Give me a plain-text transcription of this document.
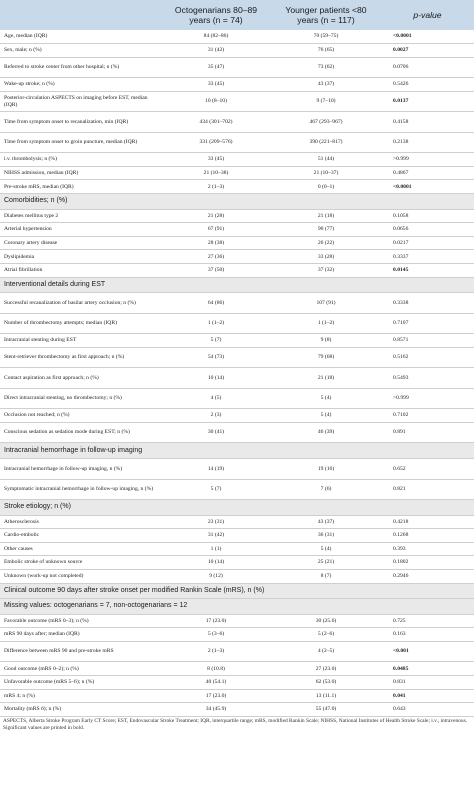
	Octogenarians 80–89 years (n = 74)	Younger patients <80 years (n = 117)	p-value
Age, median (IQR)	84 (82–86)	70 (59–75)	<0.0001
Sex, male; n (%)	31 (42)	76 (65)	0.0027
Referred to stroke center from other hospital; n (%)	35 (47)	73 (62)	0.0706
Wake-up stroke; n (%)	33 (45)	43 (37)	0.5426
Posterior-circulation ASPECTS on imaging before EST, median (IQR)	10 (8–10)	9 (7–10)	0.0137
Time from symptom onset to recanalization, min (IQR)	434 (301–702)	467 (293–967)	0.4158
Time from symptom onset to groin puncture, median (IQR)	331 (209–576)	390 (221–817)	0.2138
i.v. thrombolysis; n (%)	33 (45)	51 (44)	>0.999
NIHSS admission, median (IQR)	21 (10–38)	21 (10–37)	0.4867
Pre-stroke mRS, median (IQR)	2 (1–3)	0 (0–1)	<0.0001
Comorbidities; n (%)			
Diabetes mellitus type 2	21 (28)	21 (18)	0.1058
Arterial hypertension	67 (91)	90 (77)	0.0656
Coronary artery disease	28 (38)	26 (22)	0.0217
Dyslipidemia	27 (36)	33 (28)	0.3337
Atrial fibrillation	37 (50)	37 (32)	0.0145
Interventional details during EST			
Successful recanalization of basilar artery occlusion; n (%)	64 (86)	107 (91)	0.3338
Number of thrombectomy attempts; median (IQR)	1 (1–2)	1 (1–2)	0.7107
Intracranial stenting during EST	5 (7)	9 (8)	0.8571
Stent-retriever thrombectomy as first approach; n (%)	54 (73)	79 (68)	0.5162
Contact aspiration as first approach; n (%)	10 (14)	21 (18)	0.5493
Direct intracranial stenting, no thrombectomy; n (%)	4 (5)	5 (4)	>0.999
Occlusion not reached; n (%)	2 (3)	5 (4)	0.7102
Conscious sedation as sedation mode during EST; n (%)	30 (41)	46 (39)	0.891
Intracranial hemorrhage in follow-up imaging			
Intracranial hemorrhage in follow-up imaging, n (%)	14 (19)	19 (16)	0.652
Symptomatic intracranial hemorrhage in follow-up imaging, n (%)	5 (7)	7 (6)	0.821
Stroke etiology; n (%)			
Atherosclerosis	23 (31)	43 (37)	0.4218
Cardio-embolic	31 (42)	36 (31)	0.1268
Other causes	1 (1)	5 (4)	0.393
Embolic stroke of unknown source	10 (14)	25 (21)	0.1802
Unknown (work-up not completed)	9 (12)	8 (7)	0.2946
Clinical outcome 90 days after stroke onset per modified Rankin Scale (mRS), n (%)			
Missing values: octogenarians = 7, non-octogenarians = 12			
Favorable outcome (mRS 0–3); n (%)	17 (23.0)	30 (25.6)	0.725
mRS 90 days after; median (IQR)	5 (3–6)	5 (2–6)	0.163
Difference between mRS 90 and pre-stroke mRS	2 (1–3)	4 (2–5)	<0.001
Good outcome (mRS 0–2); n (%)	8 (10.8)	27 (23.0)	0.0485
Unfavorable outcome (mRS 5–6); n (%)	40 (54.1)	62 (53.0)	0.831
mRS 4; n (%)	17 (23.0)	13 (11.1)	0.041
Mortality (mRS 6); n (%)	34 (45.9)	55 (47.0)	0.643
ASPECTS, Alberta Stroke Program Early CT Score; EST, Endovascular Stroke Treatment; IQR, interquartile range; mRS, modified Rankin Scale; NIHSS, National Institutes of Health Stroke Scale; i.v., intravenous. Significant values are printed in bold.
